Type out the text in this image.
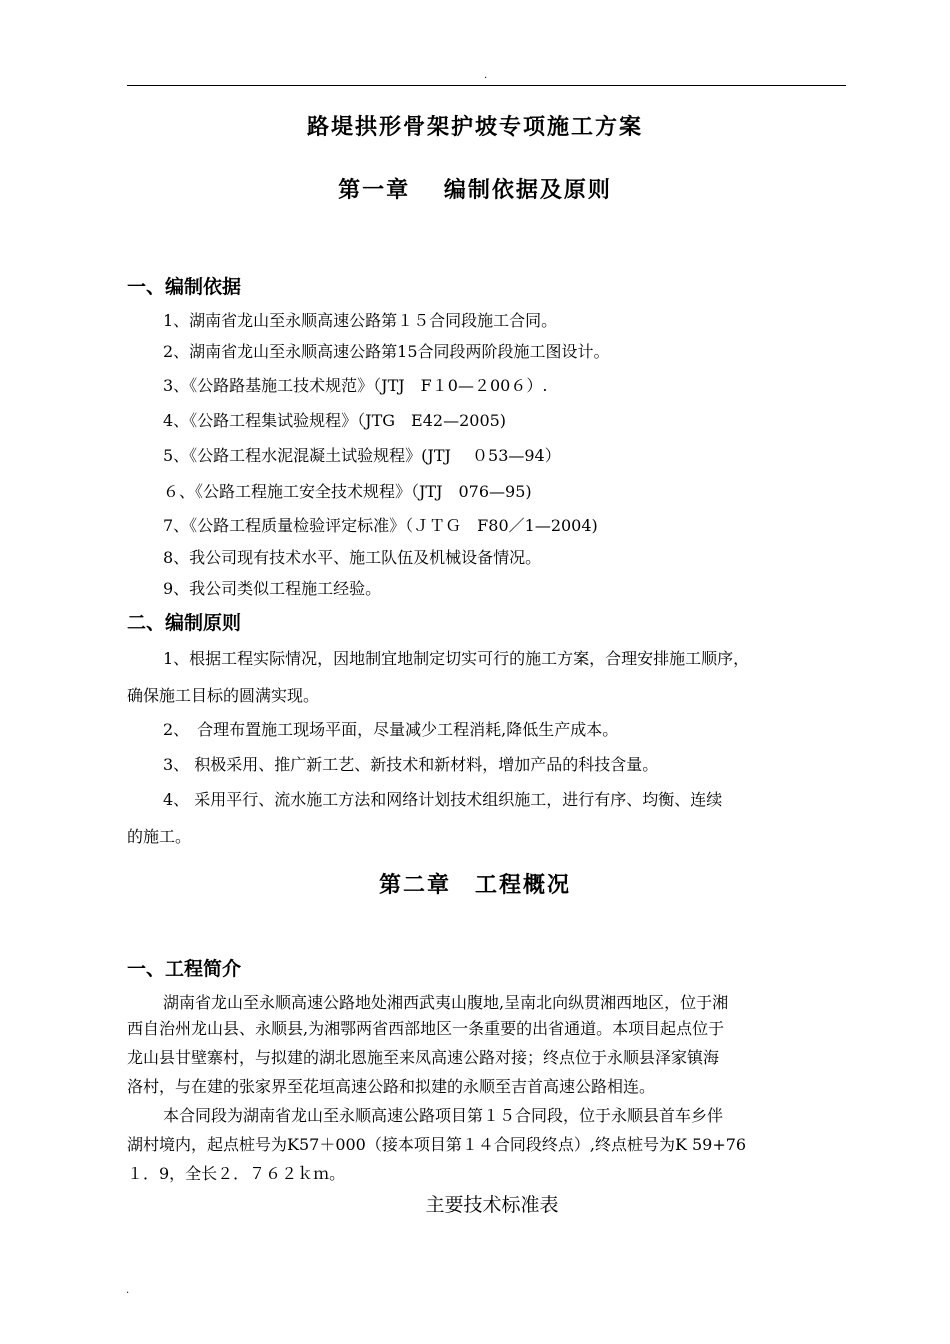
.
路堤拱形骨架护坡专项施工方案
第一章　 编制依据及原则
一、编制依据
1、湖南省龙山至永顺高速公路第１５合同段施工合同。
2、湖南省龙山至永顺高速公路第15合同段两阶段施工图设计。
3、《公路路基施工技术规范》（JTJ　F１0—２00６）.
4、《公路工程集试验规程》（JTG　E42—2005)
5、《公路工程水泥混凝土试验规程》(JTJ　 ０53—94）
６、《公路工程施工安全技术规程》（JTJ　076—95)
7、《公路工程质量检验评定标准》（ＪＴＧ　F80／1—2004)
8、我公司现有技术水平、施工队伍及机械设备情况。
9、我公司类似工程施工经验。
二、编制原则
1、根据工程实际情况，因地制宜地制定切实可行的施工方案，合理安排施工顺序，
确保施工目标的圆满实现。
2、　合理布置施工现场平面，尽量减少工程消耗,降低生产成本。
3、 积极采用、推广新工艺、新技术和新材料，增加产品的科技含量。
4、 采用平行、流水施工方法和网络计划技术组织施工，进行有序、均衡、连续
的施工。
第二章　工程概况
一、工程简介
湖南省龙山至永顺高速公路地处湘西武夷山腹地,呈南北向纵贯湘西地区，位于湘
西自治州龙山县、永顺县,为湘鄂两省西部地区一条重要的出省通道。本项目起点位于
龙山县甘壁寨村，与拟建的湖北恩施至来凤高速公路对接；终点位于永顺县泽家镇海
洛村，与在建的张家界至花垣高速公路和拟建的永顺至吉首高速公路相连。
本合同段为湖南省龙山至永顺高速公路项目第１５合同段，位于永顺县首车乡伴
湖村境内，起点桩号为K57＋000（接本项目第１４合同段终点）,终点桩号为K 59+76
１．9，全长２．７６２ｋｍ。
主要技术标准表
.
